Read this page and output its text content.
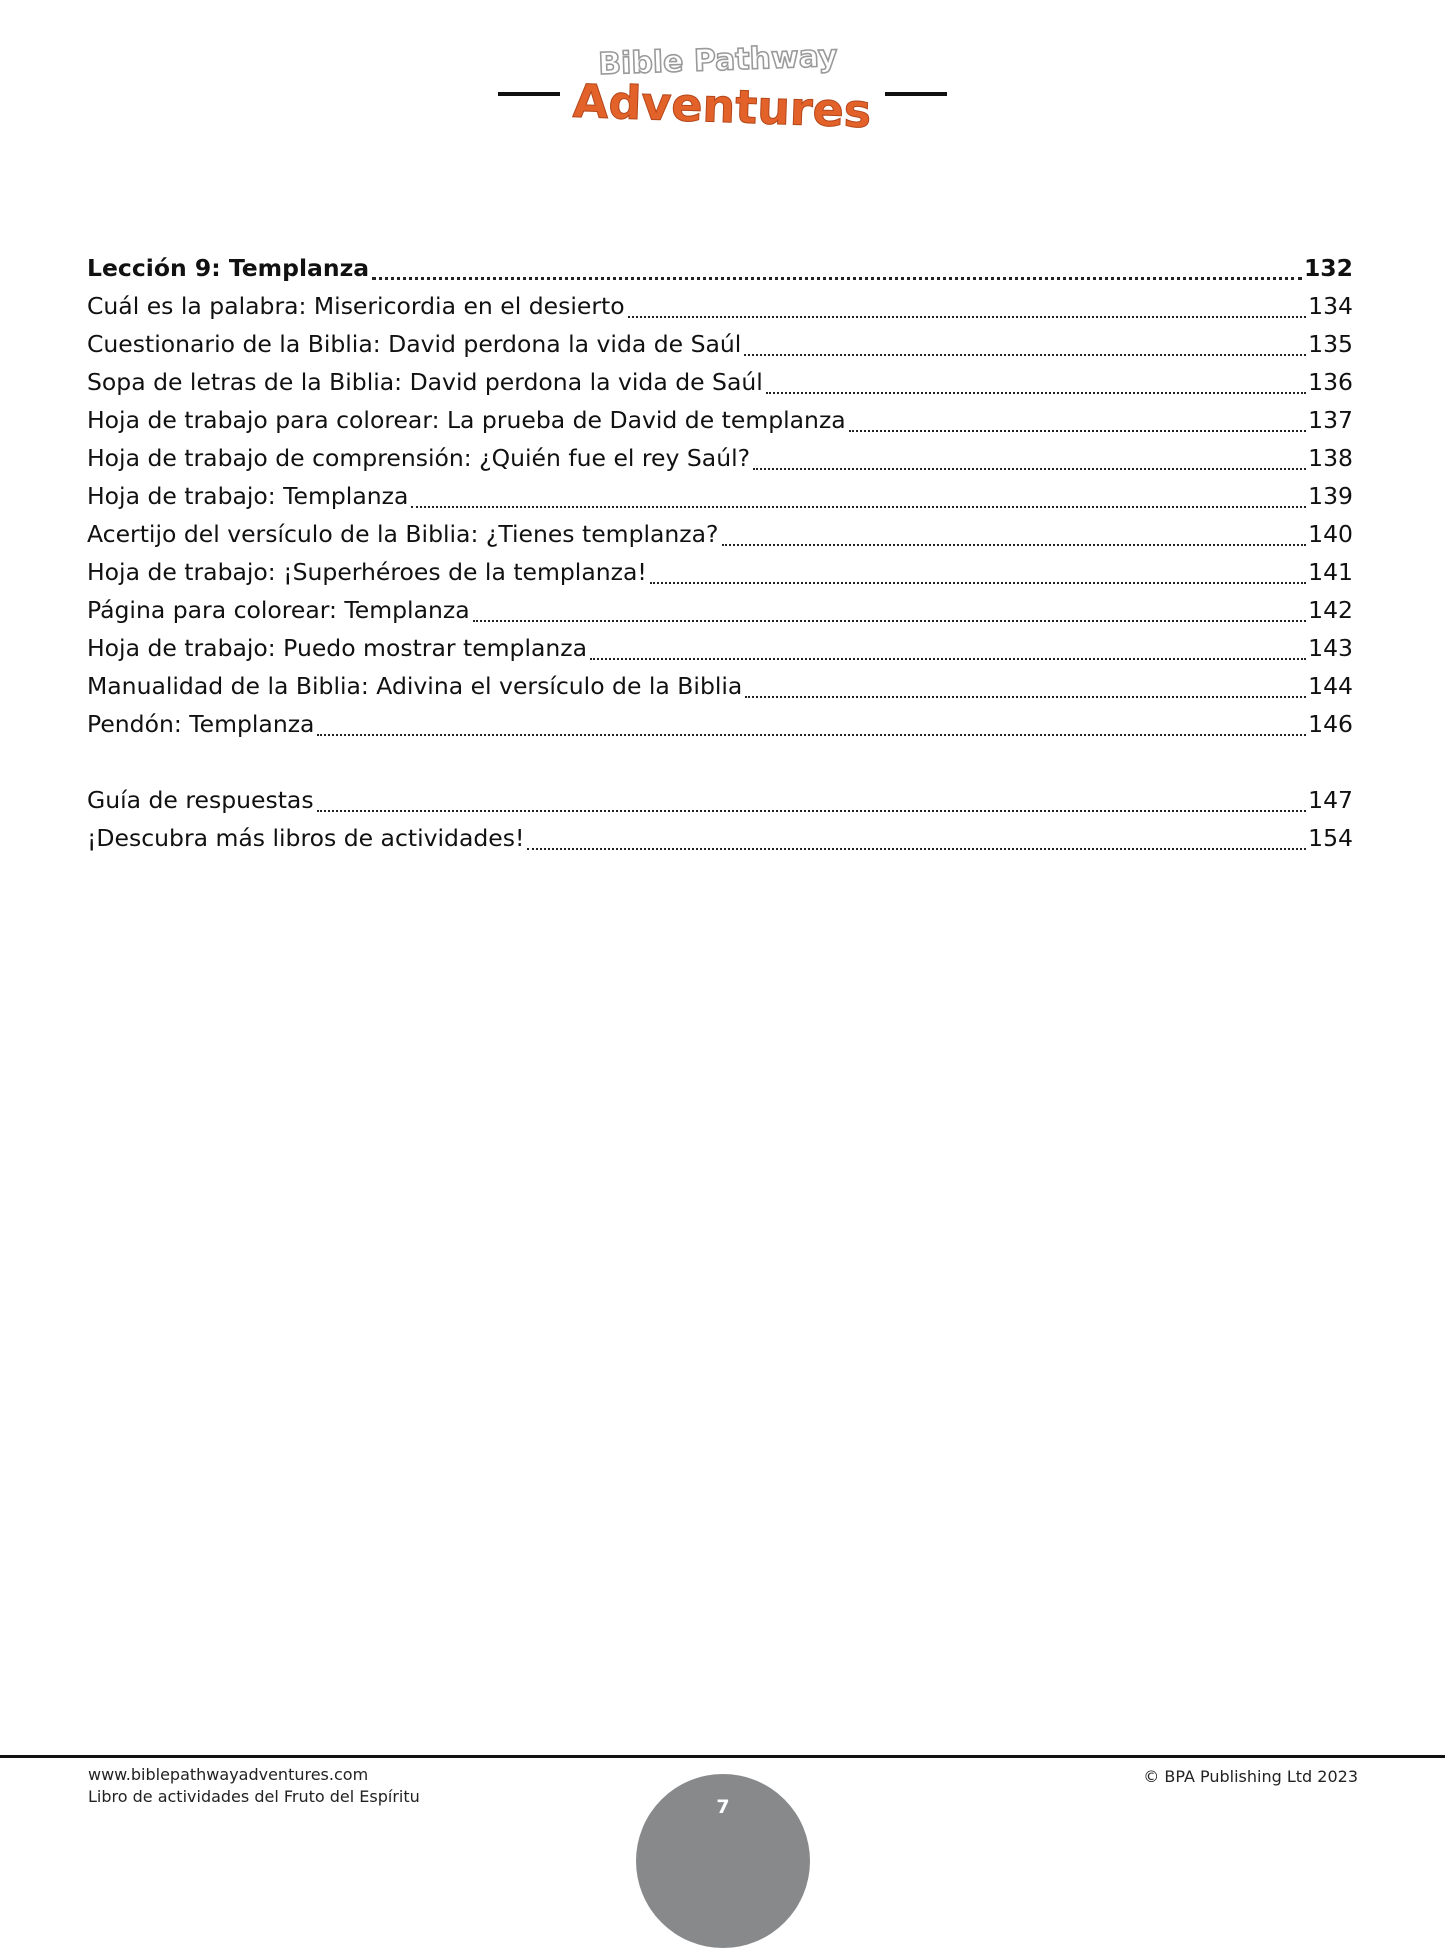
Bible Pathway
Adventures
Lección 9: Templanza	132
Cuál es la palabra: Misericordia en el desierto	134
Cuestionario de la Biblia: David perdona la vida de Saúl	135
Sopa de letras de la Biblia: David perdona la vida de Saúl	136
Hoja de trabajo para colorear: La prueba de David de templanza	137
Hoja de trabajo de comprensión: ¿Quién fue el rey Saúl?	138
Hoja de trabajo: Templanza	139
Acertijo del versículo de la Biblia: ¿Tienes templanza?	140
Hoja de trabajo: ¡Superhéroes de la templanza!	141
Página para colorear: Templanza	142
Hoja de trabajo: Puedo mostrar templanza	143
Manualidad de la Biblia: Adivina el versículo de la Biblia	144
Pendón: Templanza	146
Guía de respuestas	147
¡Descubra más libros de actividades!	154
www.biblepathwayadventures.com
Libro de actividades del Fruto del Espíritu
© BPA Publishing Ltd 2023
7
